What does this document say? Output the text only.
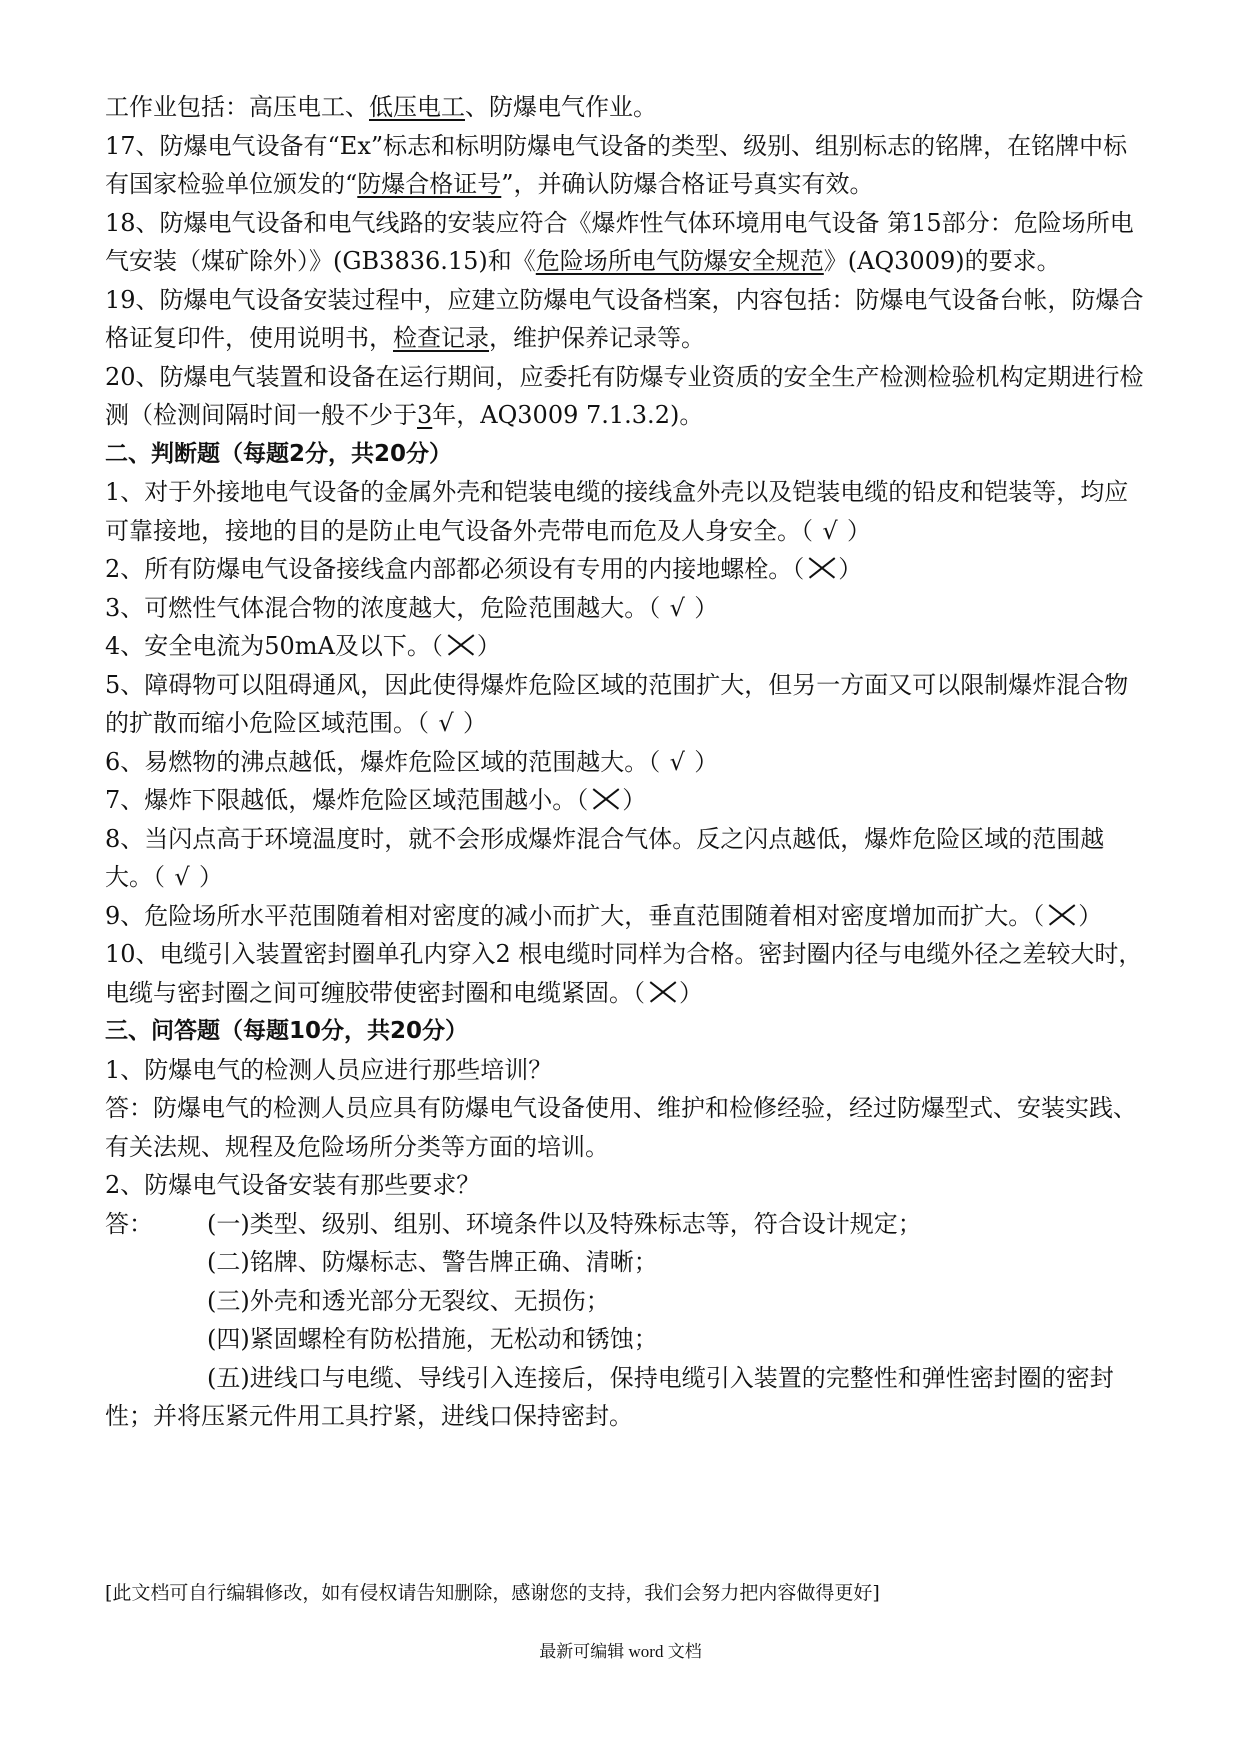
工作业包括：高压电工、低压电工、防爆电气作业。

17、防爆电气设备有“Ex”标志和标明防爆电气设备的类型、级别、组别标志的铭牌，在铭牌中标有国家检验单位颁发的“防爆合格证号”，并确认防爆合格证号真实有效。

18、防爆电气设备和电气线路的安装应符合《爆炸性气体环境用电气设备 第15部分：危险场所电气安装（煤矿除外）》(GB3836.15)和《危险场所电气防爆安全规范》(AQ3009)的要求。

19、防爆电气设备安装过程中，应建立防爆电气设备档案，内容包括：防爆电气设备台帐，防爆合格证复印件，使用说明书，检查记录，维护保养记录等。

20、防爆电气装置和设备在运行期间，应委托有防爆专业资质的安全生产检测检验机构定期进行检测（检测间隔时间一般不少于3年，AQ3009 7.1.3.2)。

二、判断题（每题2分，共20分）

1、对于外接地电气设备的金属外壳和铠装电缆的接线盒外壳以及铠装电缆的铅皮和铠装等，均应可靠接地，接地的目的是防止电气设备外壳带电而危及人身安全。（ √ ）

2、所有防爆电气设备接线盒内部都必须设有专用的内接地螺栓。（ ）

3、可燃性气体混合物的浓度越大，危险范围越大。（ √ ）

4、安全电流为50mA及以下。（ ）

5、障碍物可以阻碍通风，因此使得爆炸危险区域的范围扩大，但另一方面又可以限制爆炸混合物的扩散而缩小危险区域范围。（ √ ）

6、易燃物的沸点越低，爆炸危险区域的范围越大。（ √ ）

7、爆炸下限越低，爆炸危险区域范围越小。（ ）

8、当闪点高于环境温度时，就不会形成爆炸混合气体。反之闪点越低，爆炸危险区域的范围越大。（ √ ）

9、危险场所水平范围随着相对密度的减小而扩大，垂直范围随着相对密度增加而扩大。（ ）

10、电缆引入装置密封圈单孔内穿入2 根电缆时同样为合格。密封圈内径与电缆外径之差较大时，电缆与密封圈之间可缠胶带使密封圈和电缆紧固。（ ）

三、问答题（每题10分，共20分）

1、防爆电气的检测人员应进行那些培训？

答：防爆电气的检测人员应具有防爆电气设备使用、维护和检修经验，经过防爆型式、安装实践、有关法规、规程及危险场所分类等方面的培训。

2、防爆电气设备安装有那些要求？

答：	(一)类型、级别、组别、环境条件以及特殊标志等，符合设计规定；

(二)铭牌、防爆标志、警告牌正确、清晰；

(三)外壳和透光部分无裂纹、无损伤；

(四)紧固螺栓有防松措施，无松动和锈蚀；

(五)进线口与电缆、导线引入连接后，保持电缆引入装置的完整性和弹性密封圈的密封性；并将压紧元件用工具拧紧，进线口保持密封。

[此文档可自行编辑修改，如有侵权请告知删除，感谢您的支持，我们会努力把内容做得更好]
最新可编辑 word 文档
